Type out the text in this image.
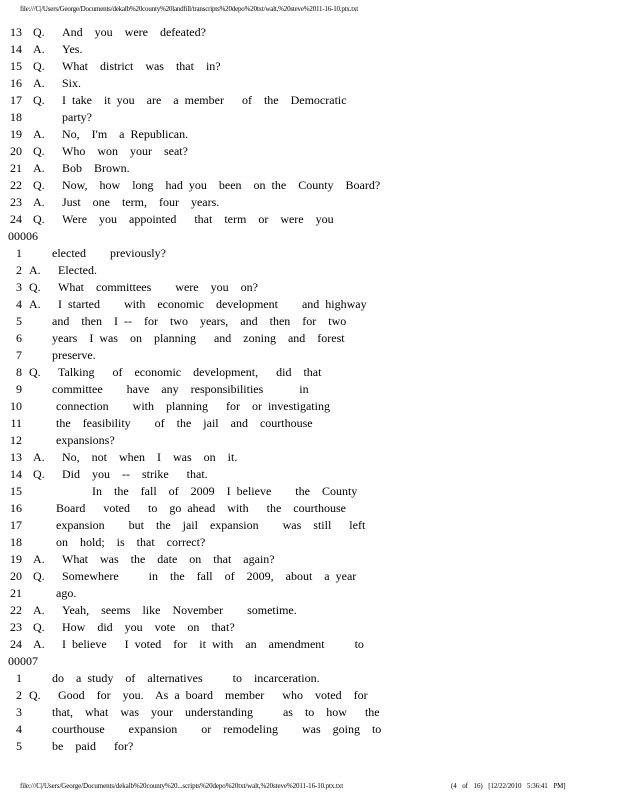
file:///C|/Users/George/Documents/dekalb%20county%20landfill/transcripts%20depo%20txt/walt,%20steve%2011-16-10.ptx.txt
13 Q. And  you  were  defeated?
14 A. Yes.
15 Q. What  district  was  that  in?
16 A. Six.
17 Q. I take  it you  are  a member   of  the  Democratic
18	party?
19 A. No,  I'm  a Republican.
20 Q. Who  won  your  seat?
21 A. Bob  Brown.
22 Q. Now,  how  long  had you  been  on the  County  Board?
23 A. Just  one  term,  four  years.
24 Q. Were  you  appointed   that  term  or  were  you
00006
1	elected    previously?
2 A. Elected.
3 Q. What  committees    were  you  on?
4 A. I started    with  economic  development    and highway
5	and  then  I --  for  two  years,  and  then  for  two
6	years  I was  on  planning   and  zoning  and  forest
7	preserve.
8 Q. Talking   of  economic  development,   did  that
9	committee    have  any  responsibilities      in
10	connection    with  planning   for  or investigating
11	the  feasibility    of  the  jail  and  courthouse
12	expansions?
13 A. No,  not  when  I  was  on  it.
14 Q. Did  you  --  strike   that.
15	In  the  fall  of  2009  I believe    the  County
16	Board   voted   to  go ahead  with   the  courthouse
17	expansion    but  the  jail  expansion    was  still   left
18	on  hold;  is  that  correct?
19 A. What  was  the  date  on  that  again?
20 Q. Somewhere     in  the  fall  of  2009,  about  a year
21	ago.
22 A. Yeah,  seems  like  November    sometime.
23 Q. How  did  you  vote  on  that?
24 A. I believe   I voted  for  it with  an  amendment     to
00007
1	do  a study  of  alternatives     to  incarceration.
2 Q. Good  for  you.  As a board  member   who  voted  for
3	that,  what  was  your  understanding     as  to  how   the
4	courthouse    expansion    or  remodeling    was  going  to
5	be  paid   for?
file:///C|/Users/George/Documents/dekalb%20county%20...scripts%20depo%20txt/walt,%20steve%2011-16-10.ptx.txt	(4 of 16) [12/22/2010 5:36:41 PM]
